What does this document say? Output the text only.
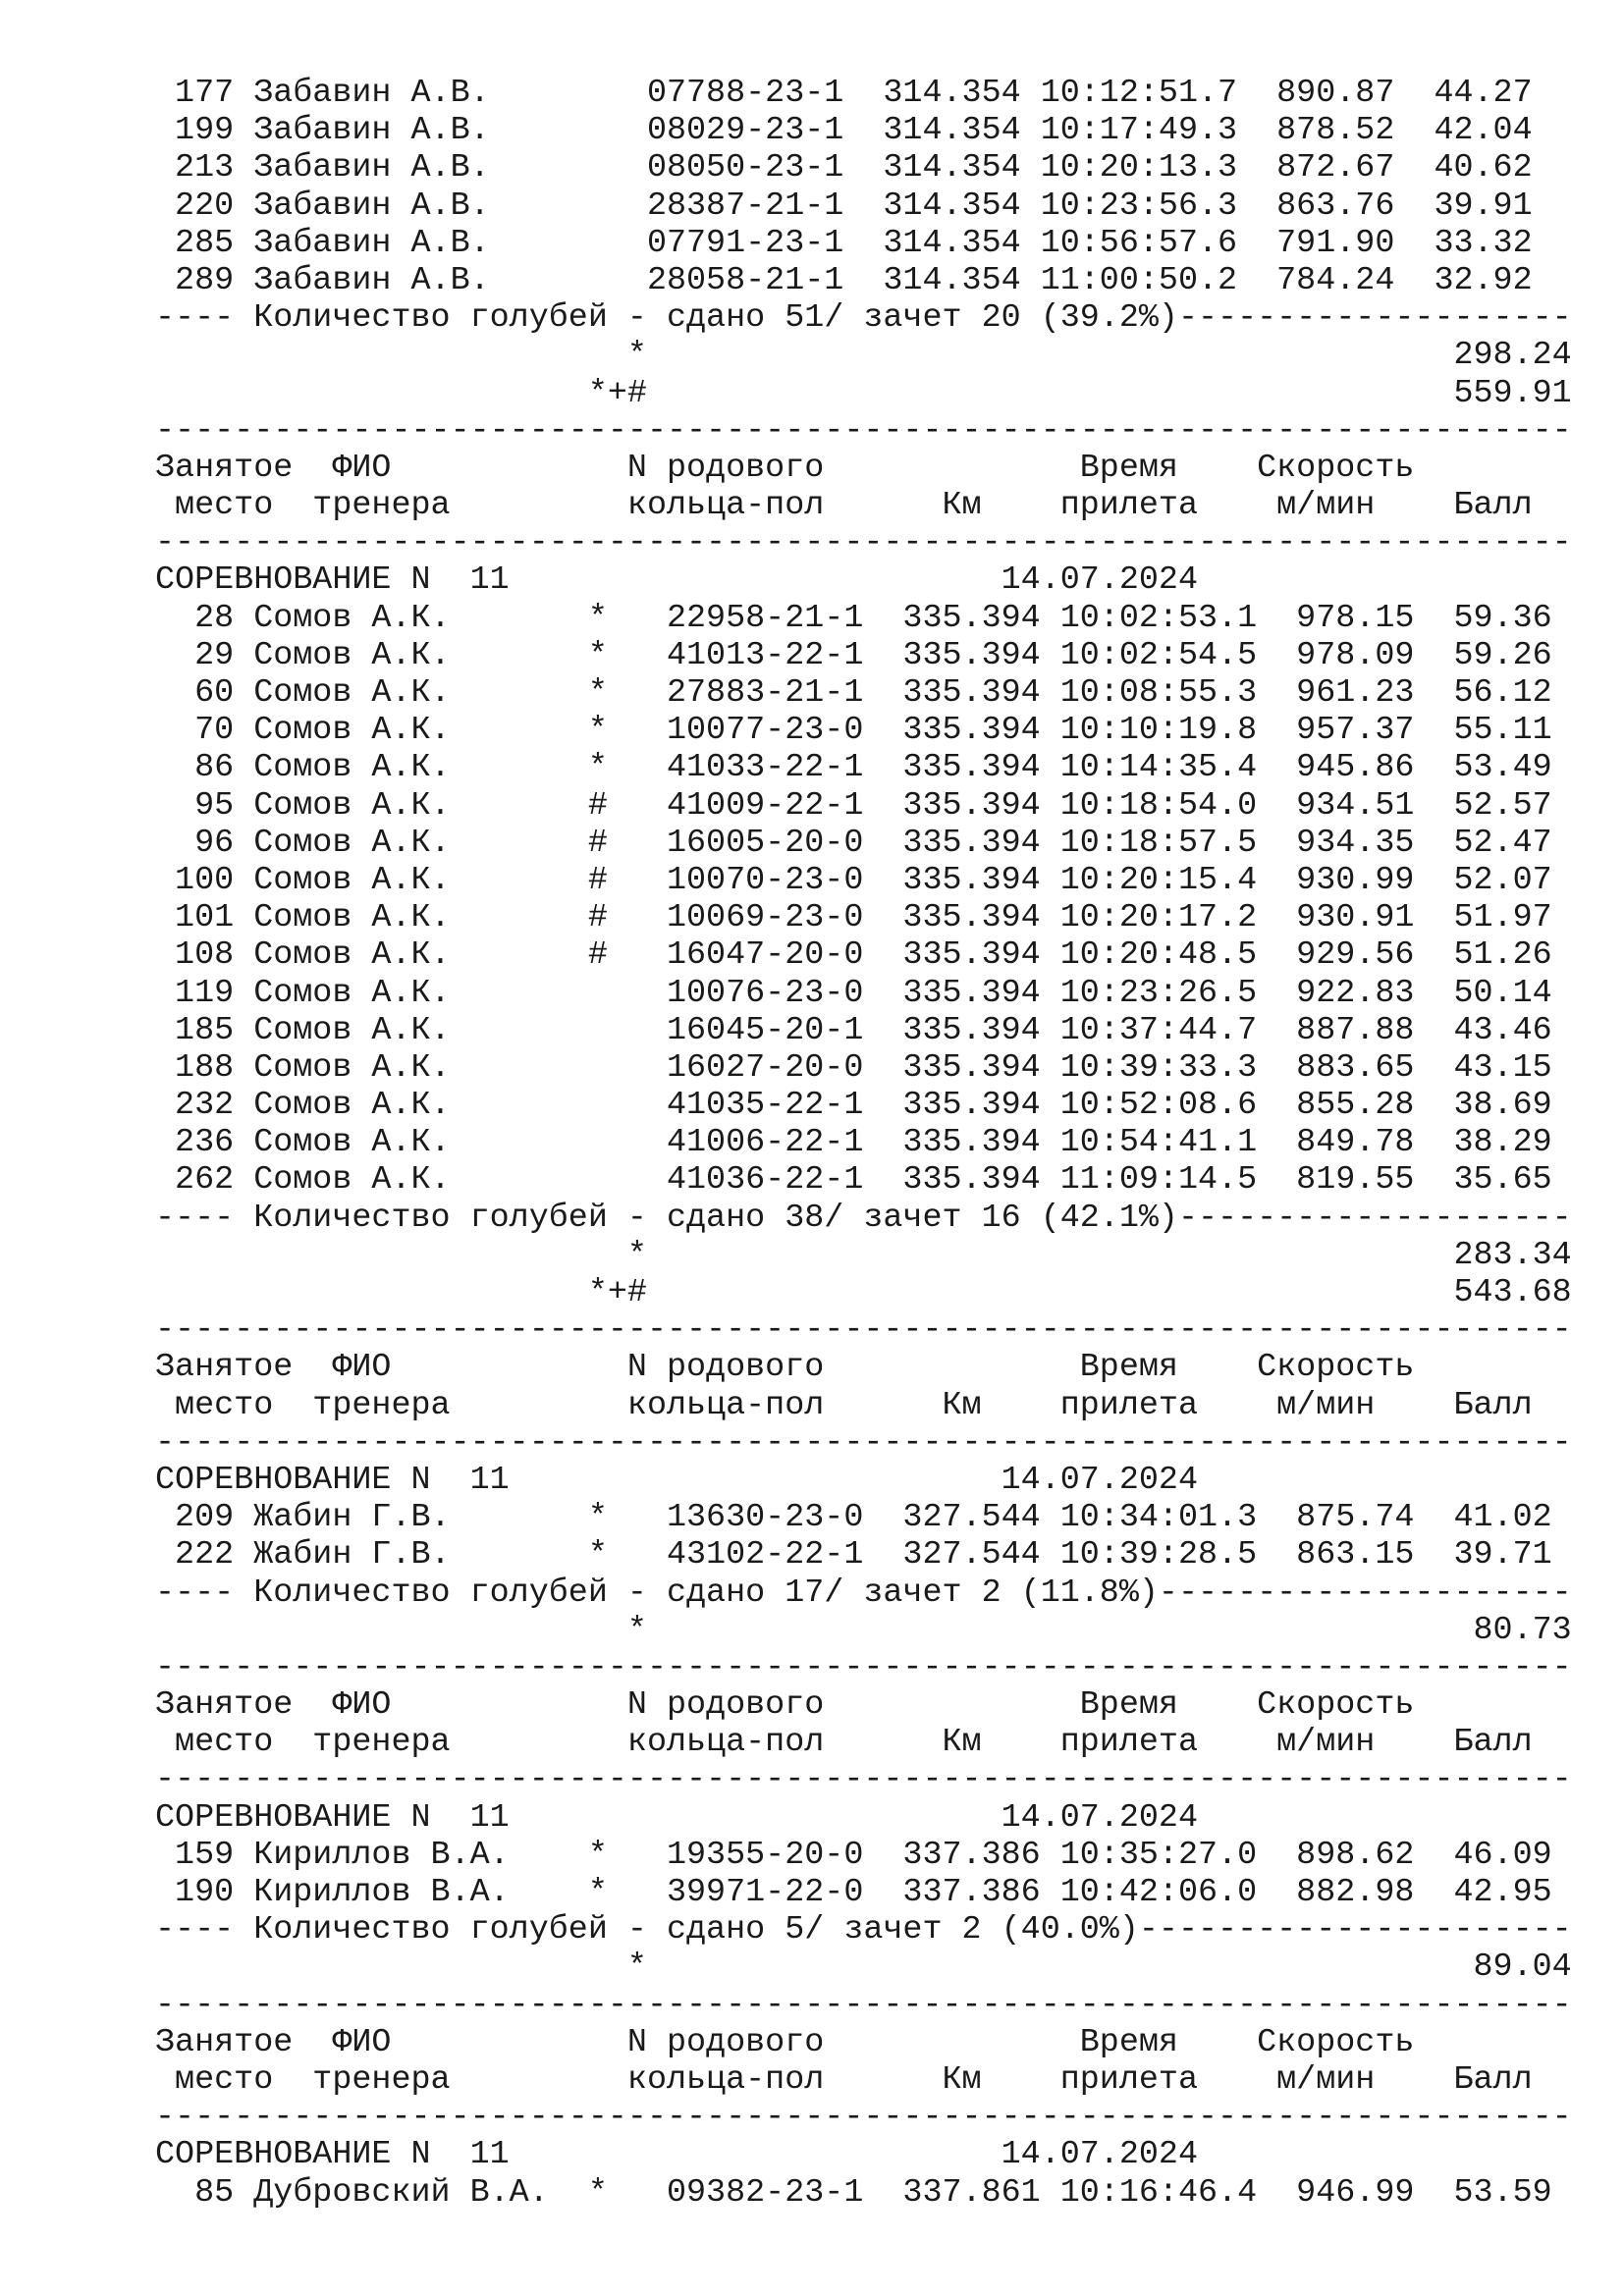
177 Забавин А.В.        07788-23-1  314.354 10:12:51.7  890.87  44.27
199 Забавин А.В.        08029-23-1  314.354 10:17:49.3  878.52  42.04
213 Забавин А.В.        08050-23-1  314.354 10:20:13.3  872.67  40.62
220 Забавин А.В.        28387-21-1  314.354 10:23:56.3  863.76  39.91
285 Забавин А.В.        07791-23-1  314.354 10:56:57.6  791.90  33.32
289 Забавин А.В.        28058-21-1  314.354 11:00:50.2  784.24  32.92
---- Количество голубей - сдано 51/ зачет 20 (39.2%)--------------------
*                                         298.24
*+#                                         559.91
------------------------------------------------------------------------
Занятое  ФИО            N родового             Время    Скорость
место  тренера         кольца-пол      Км    прилета    м/мин    Балл
------------------------------------------------------------------------
СОРЕВНОВАНИЕ N  11                         14.07.2024
28 Сомов А.К.       *   22958-21-1  335.394 10:02:53.1  978.15  59.36
29 Сомов А.К.       *   41013-22-1  335.394 10:02:54.5  978.09  59.26
60 Сомов А.К.       *   27883-21-1  335.394 10:08:55.3  961.23  56.12
70 Сомов А.К.       *   10077-23-0  335.394 10:10:19.8  957.37  55.11
86 Сомов А.К.       *   41033-22-1  335.394 10:14:35.4  945.86  53.49
95 Сомов А.К.       #   41009-22-1  335.394 10:18:54.0  934.51  52.57
96 Сомов А.К.       #   16005-20-0  335.394 10:18:57.5  934.35  52.47
100 Сомов А.К.       #   10070-23-0  335.394 10:20:15.4  930.99  52.07
101 Сомов А.К.       #   10069-23-0  335.394 10:20:17.2  930.91  51.97
108 Сомов А.К.       #   16047-20-0  335.394 10:20:48.5  929.56  51.26
119 Сомов А.К.           10076-23-0  335.394 10:23:26.5  922.83  50.14
185 Сомов А.К.           16045-20-1  335.394 10:37:44.7  887.88  43.46
188 Сомов А.К.           16027-20-0  335.394 10:39:33.3  883.65  43.15
232 Сомов А.К.           41035-22-1  335.394 10:52:08.6  855.28  38.69
236 Сомов А.К.           41006-22-1  335.394 10:54:41.1  849.78  38.29
262 Сомов А.К.           41036-22-1  335.394 11:09:14.5  819.55  35.65
---- Количество голубей - сдано 38/ зачет 16 (42.1%)--------------------
*                                         283.34
*+#                                         543.68
------------------------------------------------------------------------
Занятое  ФИО            N родового             Время    Скорость
место  тренера         кольца-пол      Км    прилета    м/мин    Балл
------------------------------------------------------------------------
СОРЕВНОВАНИЕ N  11                         14.07.2024
209 Жабин Г.В.       *   13630-23-0  327.544 10:34:01.3  875.74  41.02
222 Жабин Г.В.       *   43102-22-1  327.544 10:39:28.5  863.15  39.71
---- Количество голубей - сдано 17/ зачет 2 (11.8%)---------------------
*                                          80.73
------------------------------------------------------------------------
Занятое  ФИО            N родового             Время    Скорость
место  тренера         кольца-пол      Км    прилета    м/мин    Балл
------------------------------------------------------------------------
СОРЕВНОВАНИЕ N  11                         14.07.2024
159 Кириллов В.А.    *   19355-20-0  337.386 10:35:27.0  898.62  46.09
190 Кириллов В.А.    *   39971-22-0  337.386 10:42:06.0  882.98  42.95
---- Количество голубей - сдано 5/ зачет 2 (40.0%)----------------------
*                                          89.04
------------------------------------------------------------------------
Занятое  ФИО            N родового             Время    Скорость
место  тренера         кольца-пол      Км    прилета    м/мин    Балл
------------------------------------------------------------------------
СОРЕВНОВАНИЕ N  11                         14.07.2024
85 Дубровский В.А.  *   09382-23-1  337.861 10:16:46.4  946.99  53.59
